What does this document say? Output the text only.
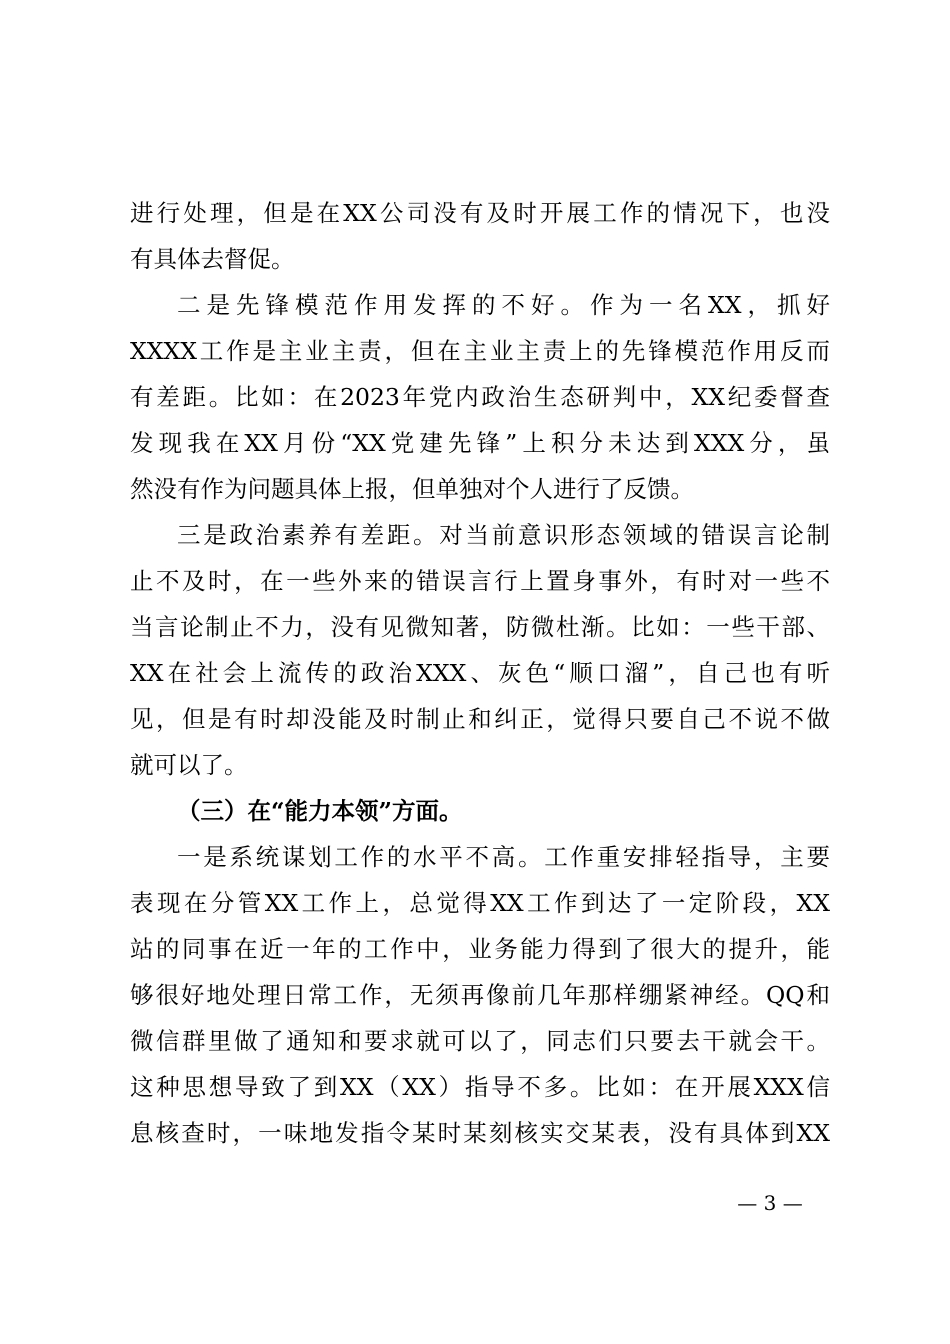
进行处理，但是在XX公司没有及时开展工作的情况下，也没
有具体去督促。
二是先锋模范作用发挥的不好。作为一名XX，抓好
XXXX工作是主业主责，但在主业主责上的先锋模范作用反而
有差距。比如：在2023年党内政治生态研判中，XX纪委督查
发现我在XX月份“XX党建先锋”上积分未达到XXX分，虽
然没有作为问题具体上报，但单独对个人进行了反馈。
三是政治素养有差距。对当前意识形态领域的错误言论制
止不及时，在一些外来的错误言行上置身事外，有时对一些不
当言论制止不力，没有见微知著，防微杜渐。比如：一些干部、
XX在社会上流传的政治XXX、灰色“顺口溜”，自己也有听
见，但是有时却没能及时制止和纠正，觉得只要自己不说不做
就可以了。
（三）在“能力本领”方面。
一是系统谋划工作的水平不高。工作重安排轻指导，主要
表现在分管XX工作上，总觉得XX工作到达了一定阶段，XX
站的同事在近一年的工作中，业务能力得到了很大的提升，能
够很好地处理日常工作，无须再像前几年那样绷紧神经。QQ和
微信群里做了通知和要求就可以了，同志们只要去干就会干。
这种思想导致了到XX（XX）指导不多。比如：在开展XXX信
息核查时，一味地发指令某时某刻核实交某表，没有具体到XX
— 3 —
